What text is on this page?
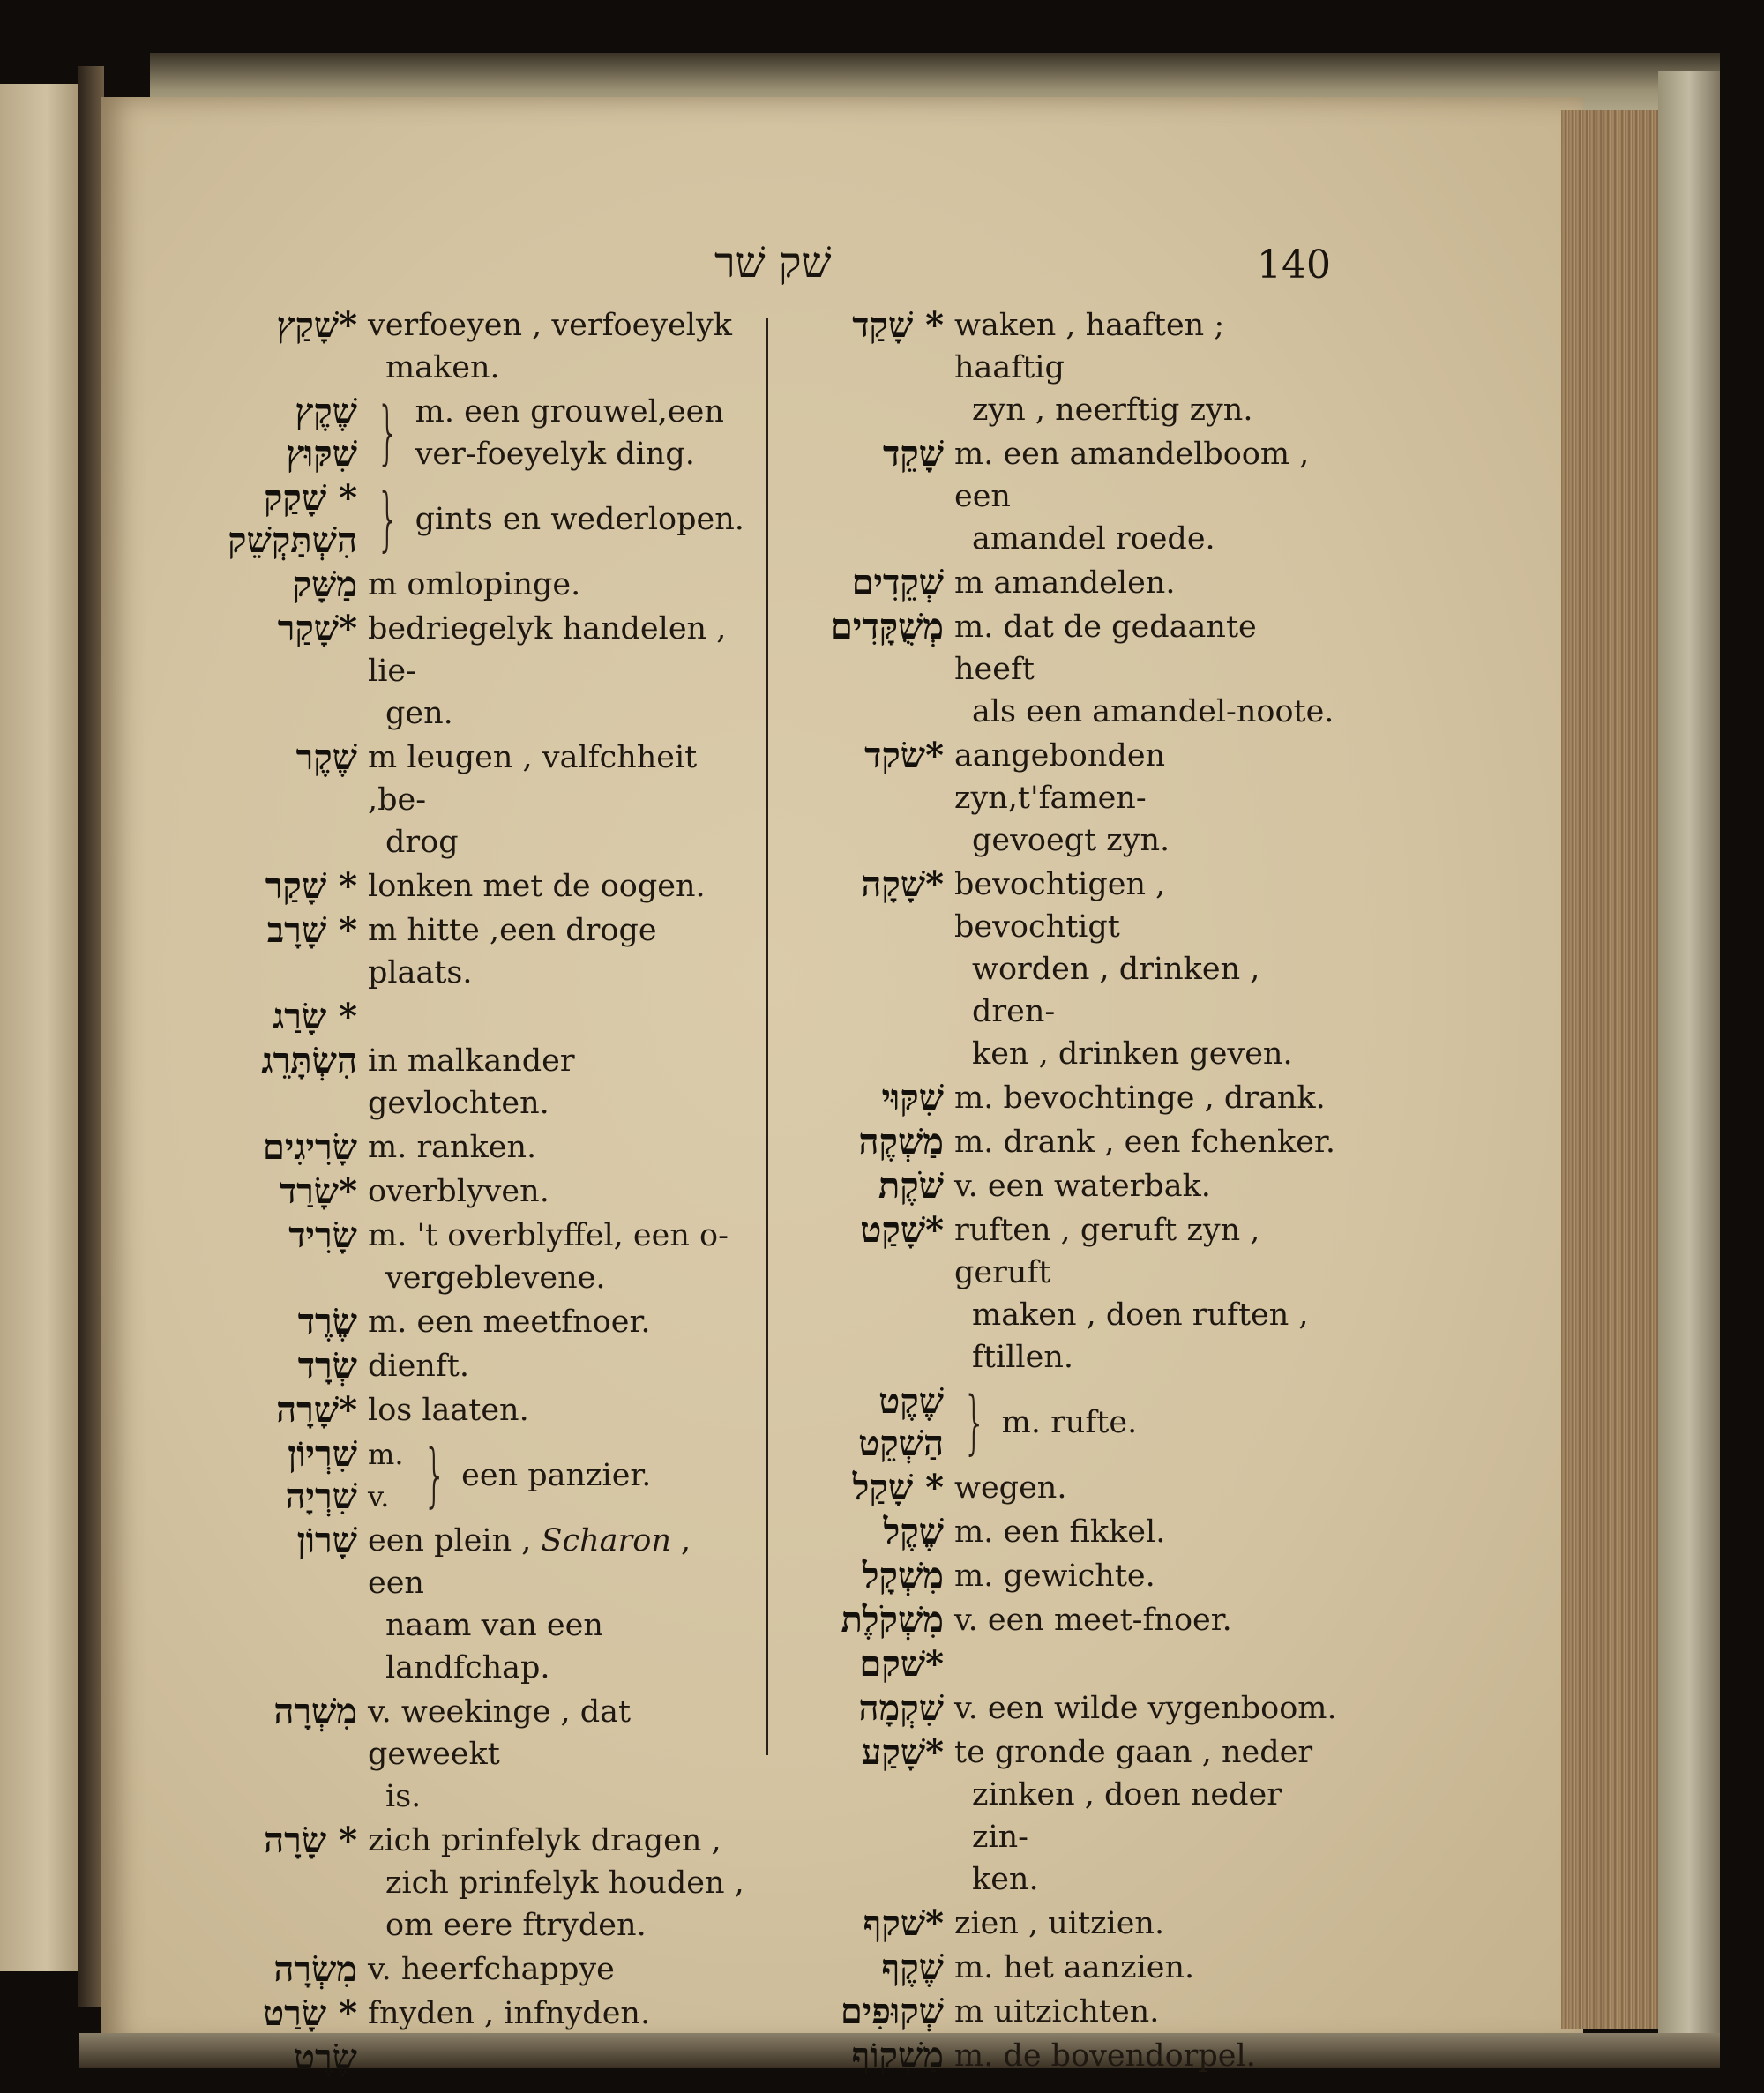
שׁק שׁר	140
*שָׁקַץ verfoeyen , verfoeyelyk
maken.
שֶׁקֶץ
שִׁקּוּץ } m. een grouwel,een ver-foeyelyk ding.
* שָׁקַק
הִשְׁתַּקְשֵׁק } gints en wederlopen.
מַשָּׁק m omlopinge.
*שָׁקַר bedriegelyk handelen , lie-
gen.
שֶׁקֶר m leugen , valfchheit ,be-
drog
* שָׁקַר lonken met de oogen.
* שָׁרָב m hitte ,een droge plaats.
* שָׂרַג
הִשְׂתָּרֵג in malkander gevlochten.
שָׂרִיגִים m. ranken.
*שָׂרַד overblyven.
שָׂרִיד m. 't overblyffel, een o-
vergeblevene.
שֶׂרֶד m. een meetfnoer.
שְׂרָד dienft.
*שָׁרָה los laaten.
שִׁרְיוֹן
שִׁרְיָה
m.
v. } een panzier.
שָׁרוֹן een plein , Scharon , een
naam van een landfchap.
מִשְׁרָה v. weekinge , dat geweekt
is.
* שָׂרָה zich prinfelyk dragen ,
zich prinfelyk houden ,
om eere ftryden.
מִשְׂרָה v. heerfchappye
* שָׂרַט fnyden , infnyden.
שֶׂרֶט
* שָׁקַד waken , haaften ; haaftig
zyn , neerftig zyn.
שָׁקֵד m. een amandelboom , een
amandel roede.
שְׁקֵדִים m amandelen.
מְשֻׁקָּדִים m. dat de gedaante heeft
als een amandel-noote.
*שׂקד aangebonden zyn,t'famen-
gevoegt zyn.
*שָׁקָה bevochtigen , bevochtigt
worden , drinken , dren-
ken , drinken geven.
שִׁקּוּי m. bevochtinge , drank.
מַשְׁקֶה m. drank , een fchenker.
שֹׁקֶת v. een waterbak.
*שָׁקַט ruften , geruft zyn , geruft
maken , doen ruften ,
ftillen.
שֶׁקֶט
הַשְׁקֵט } m. rufte.
* שָׁקַל wegen.
שֶׁקֶל m. een fikkel.
מִשְׁקָל m. gewichte.
מִשְׁקֹלֶת v. een meet-fnoer.
*שׁקם
שִׁקְמָה v. een wilde vygenboom.
*שָׁקַע te gronde gaan , neder
zinken , doen neder zin-
ken.
*שׁקף zien , uitzien.
שֶׁקֶף m. het aanzien.
שְׁקוּפִים m uitzichten.
מַשְׁקוֹף m. de bovendorpel.
